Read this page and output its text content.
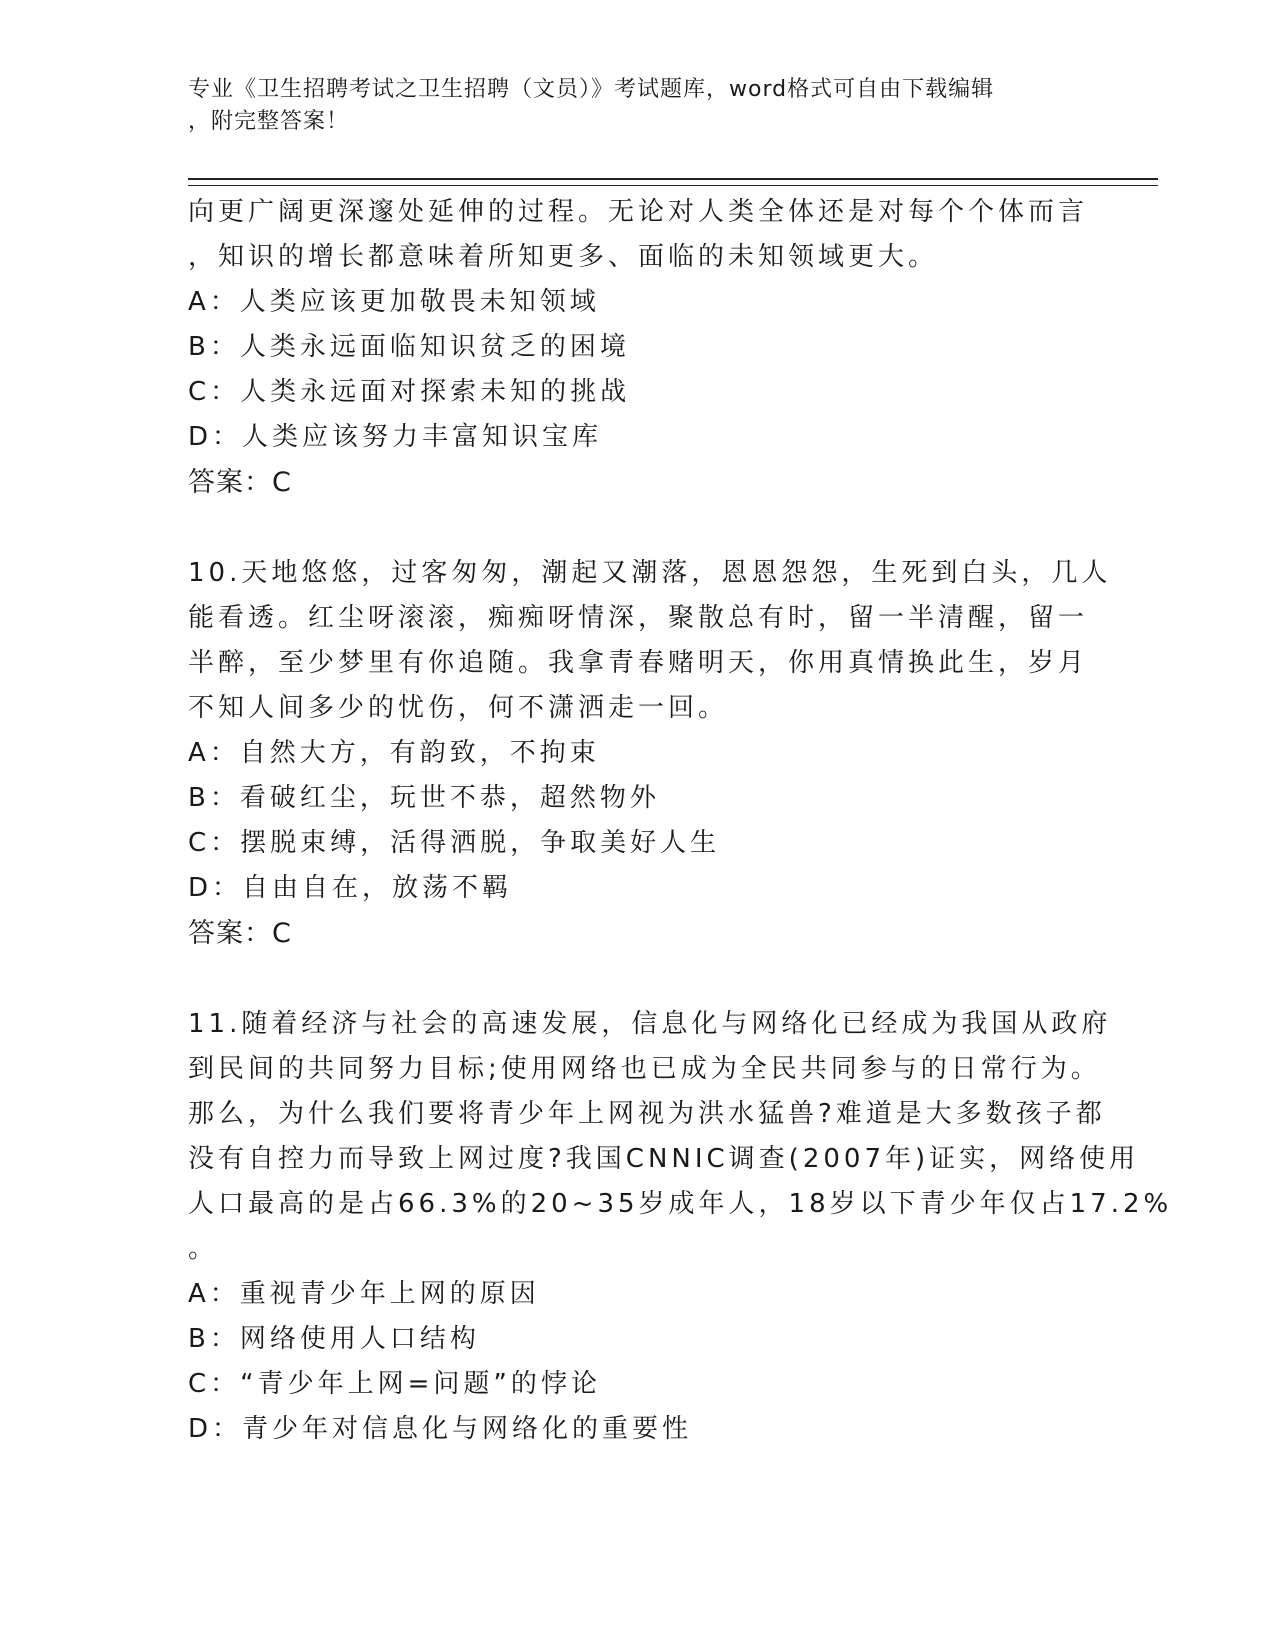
专业《卫生招聘考试之卫生招聘（文员）》考试题库，word格式可自由下载编辑
，附完整答案！
向更广阔更深邃处延伸的过程。无论对人类全体还是对每个个体而言
，知识的增长都意味着所知更多、面临的未知领域更大。
A：人类应该更加敬畏未知领域
B：人类永远面临知识贫乏的困境
C：人类永远面对探索未知的挑战
D：人类应该努力丰富知识宝库
答案：C
10.天地悠悠，过客匆匆，潮起又潮落，恩恩怨怨，生死到白头，几人
能看透。红尘呀滚滚，痴痴呀情深，聚散总有时，留一半清醒，留一
半醉，至少梦里有你追随。我拿青春赌明天，你用真情换此生，岁月
不知人间多少的忧伤，何不潇洒走一回。
A：自然大方，有韵致，不拘束
B：看破红尘，玩世不恭，超然物外
C：摆脱束缚，活得洒脱，争取美好人生
D：自由自在，放荡不羁
答案：C
11.随着经济与社会的高速发展，信息化与网络化已经成为我国从政府
到民间的共同努力目标;使用网络也已成为全民共同参与的日常行为。
那么，为什么我们要将青少年上网视为洪水猛兽?难道是大多数孩子都
没有自控力而导致上网过度?我国CNNIC调查(2007年)证实，网络使用
人口最高的是占66.3%的20~35岁成年人，18岁以下青少年仅占17.2%
。
A：重视青少年上网的原因
B：网络使用人口结构
C：“青少年上网=问题”的悖论
D：青少年对信息化与网络化的重要性
